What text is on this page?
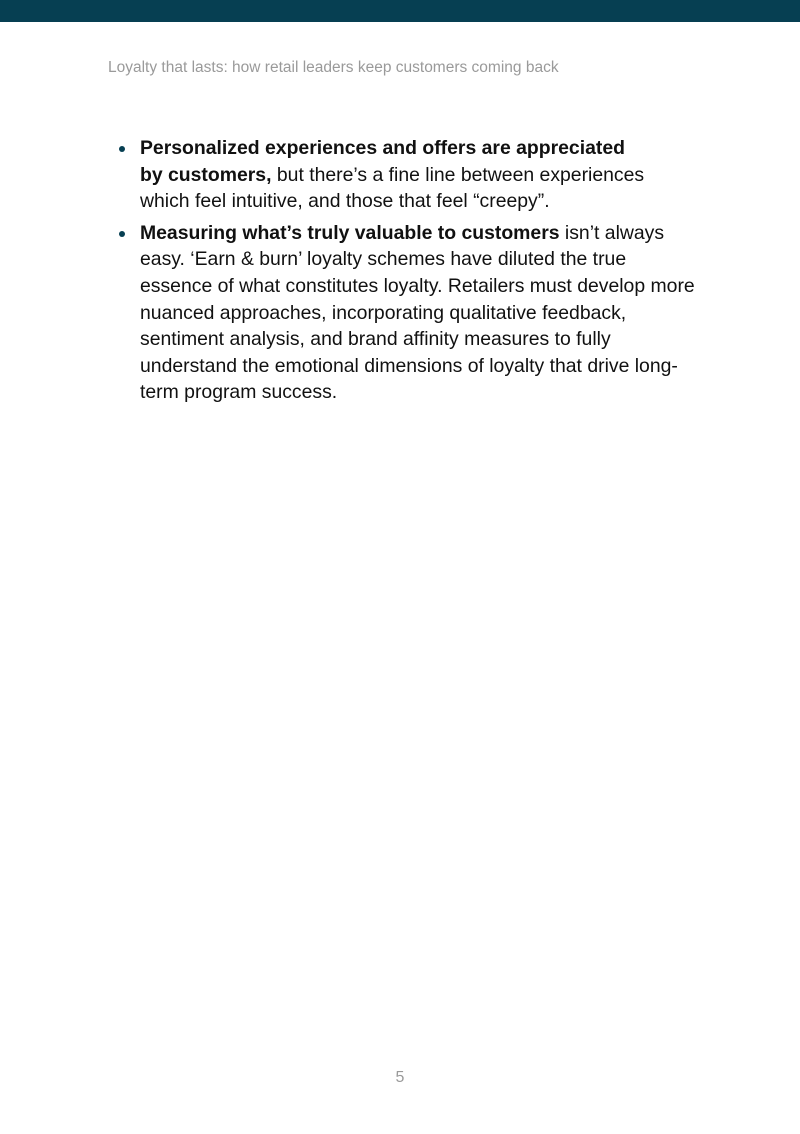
Loyalty that lasts: how retail leaders keep customers coming back
Personalized experiences and offers are appreciated
by customers, but there’s a fine line between experiences
which feel intuitive, and those that feel “creepy”.
Measuring what’s truly valuable to customers isn’t always easy. ‘Earn & burn’ loyalty schemes have diluted the true essence of what constitutes loyalty. Retailers must develop more nuanced approaches, incorporating qualitative feedback, sentiment analysis, and brand affinity measures to fully understand the emotional dimensions of loyalty that drive long-term program success.
5
